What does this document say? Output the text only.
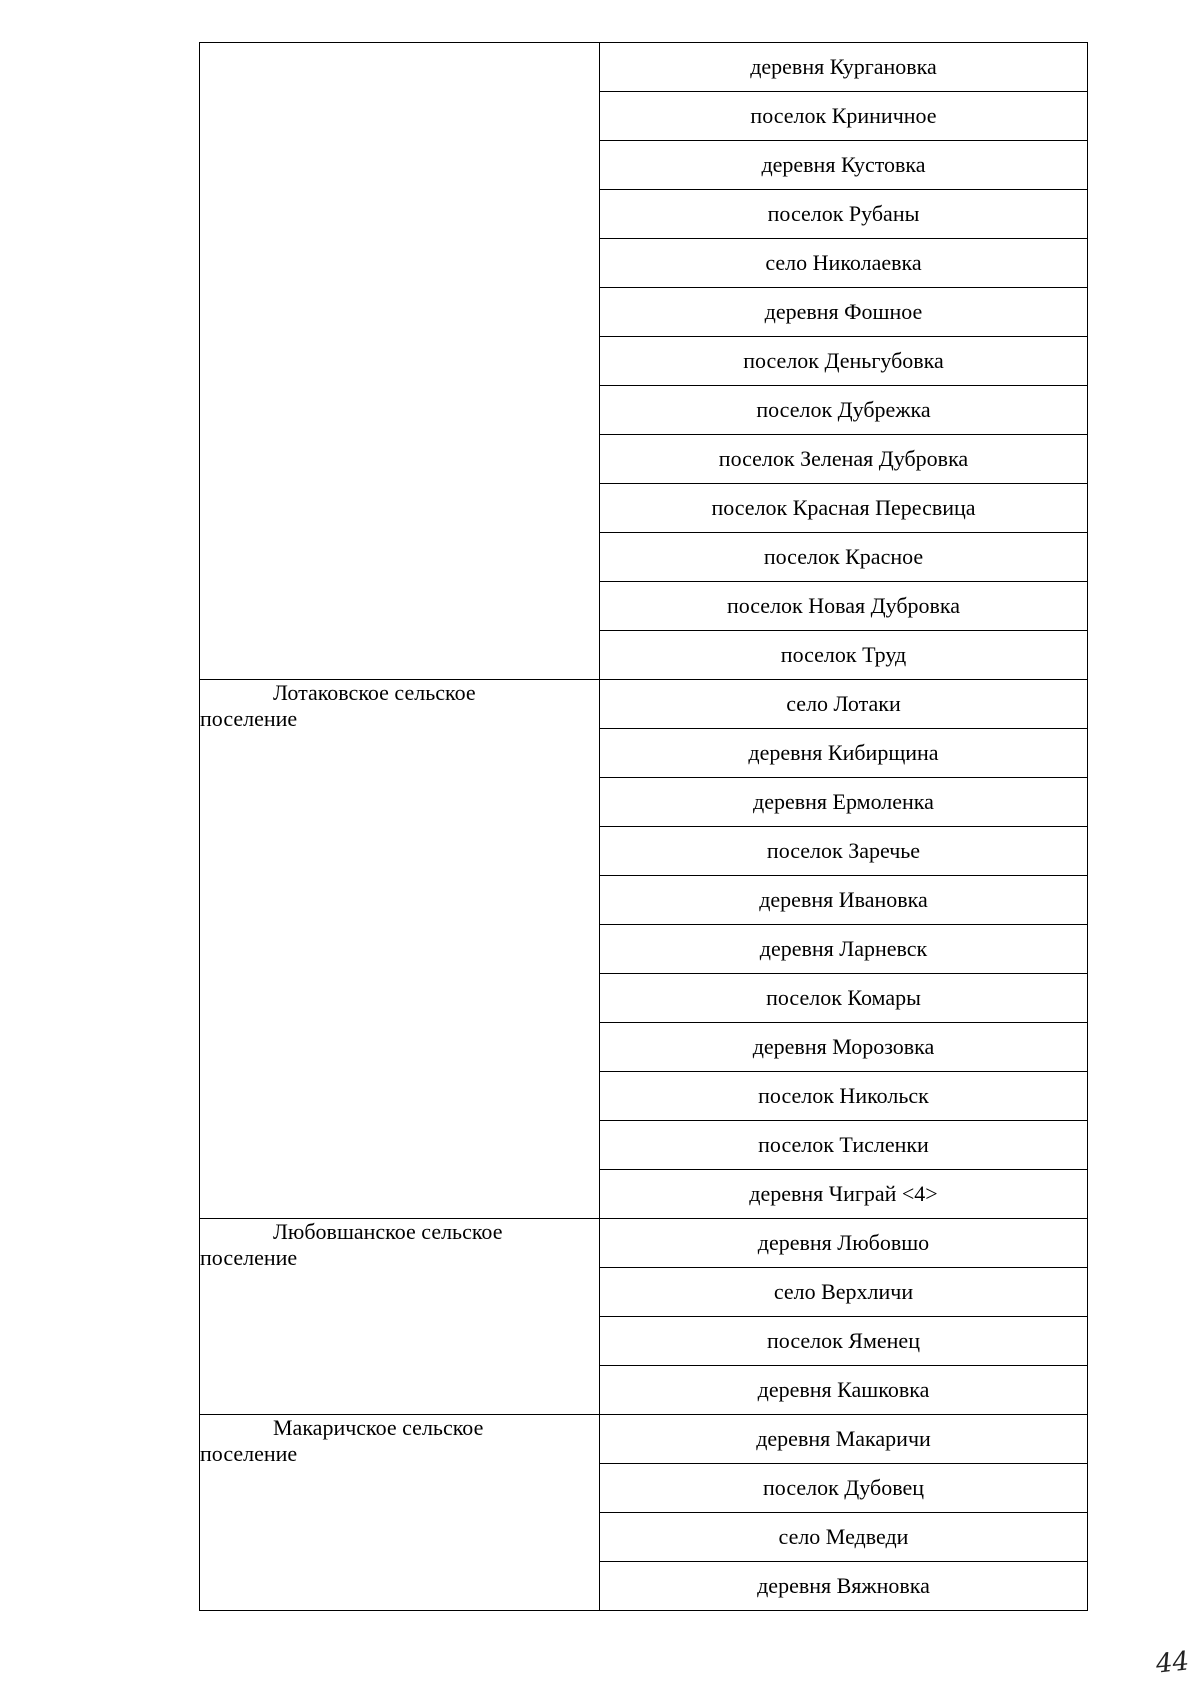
	деревня Кургановка
	поселок Криничное
	деревня Кустовка
	поселок Рубаны
	село Николаевка
	деревня Фошное
	поселок Деньгубовка
	поселок Дубрежка
	поселок Зеленая Дубровка
	поселок Красная Пересвица
	поселок Красное
	поселок Новая Дубровка
	поселок Труд

Лотаковское сельское
поселение	село Лотаки
	деревня Кибирщина
	деревня Ермоленка
	поселок Заречье
	деревня Ивановка
	деревня Ларневск
	поселок Комары
	деревня Морозовка
	поселок Никольск
	поселок Тисленки
	деревня Чиграй <4>

Любовшанское сельское
поселение	деревня Любовшо
	село Верхличи
	поселок Яменец
	деревня Кашковка

Макаричское сельское
поселение	деревня Макаричи
	поселок Дубовец
	село Медведи
	деревня Вяжновка
44
